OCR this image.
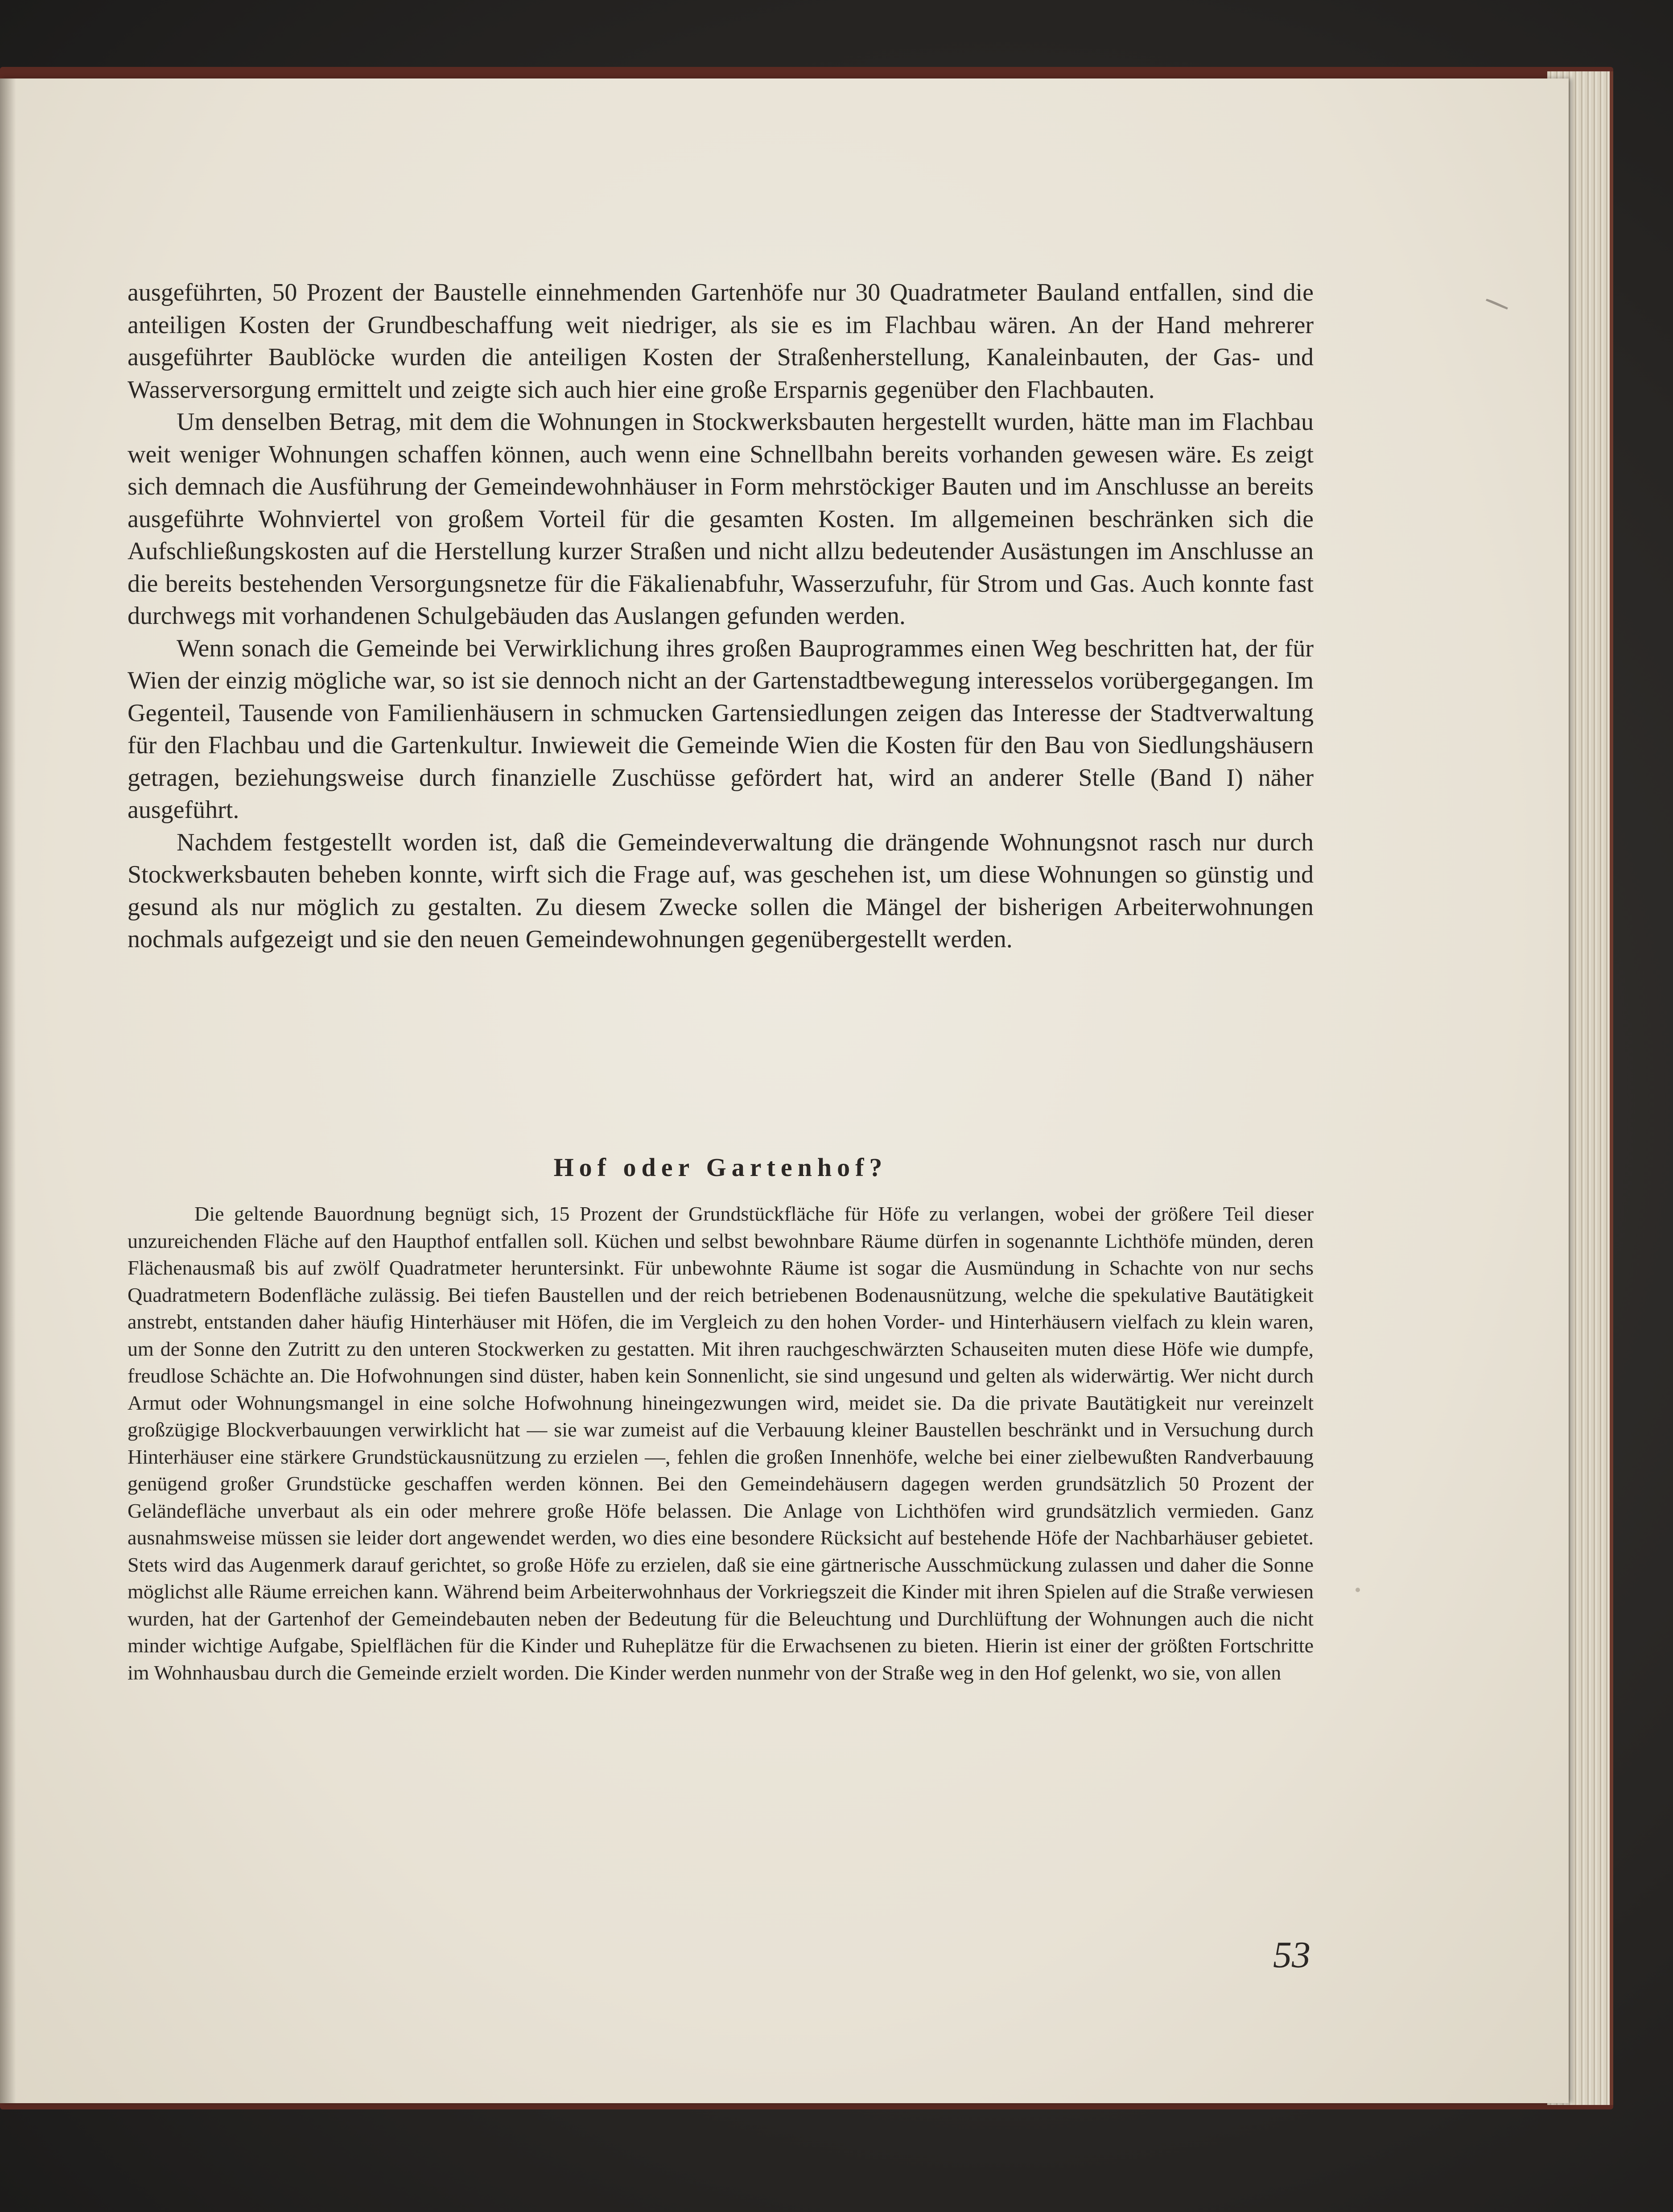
ausgeführten, 50 Prozent der Baustelle einnehmenden Gartenhöfe nur 30 Quadratmeter Bauland entfallen, sind die anteiligen Kosten der Grundbeschaffung weit niedriger, als sie es im Flachbau wären. An der Hand mehrerer ausgeführter Baublöcke wurden die anteiligen Kosten der Straßenherstellung, Kanaleinbauten, der Gas- und Wasserversorgung ermittelt und zeigte sich auch hier eine große Ersparnis gegenüber den Flachbauten.

Um denselben Betrag, mit dem die Wohnungen in Stockwerksbauten hergestellt wurden, hätte man im Flachbau weit weniger Wohnungen schaffen können, auch wenn eine Schnellbahn bereits vorhanden gewesen wäre. Es zeigt sich demnach die Ausführung der Gemeindewohnhäuser in Form mehrstöckiger Bauten und im Anschlusse an bereits ausgeführte Wohnviertel von großem Vorteil für die gesamten Kosten. Im allgemeinen beschränken sich die Aufschließungskosten auf die Herstellung kurzer Straßen und nicht allzu bedeutender Ausästungen im Anschlusse an die bereits bestehenden Versorgungsnetze für die Fäkalienabfuhr, Wasserzufuhr, für Strom und Gas. Auch konnte fast durchwegs mit vorhandenen Schulgebäuden das Auslangen gefunden werden.

Wenn sonach die Gemeinde bei Verwirklichung ihres großen Bauprogrammes einen Weg beschritten hat, der für Wien der einzig mögliche war, so ist sie dennoch nicht an der Gartenstadtbewegung interesselos vorübergegangen. Im Gegenteil, Tausende von Familienhäusern in schmucken Gartensiedlungen zeigen das Interesse der Stadtverwaltung für den Flachbau und die Gartenkultur. Inwieweit die Gemeinde Wien die Kosten für den Bau von Siedlungshäusern getragen, beziehungsweise durch finanzielle Zuschüsse gefördert hat, wird an anderer Stelle (Band I) näher ausgeführt.

Nachdem festgestellt worden ist, daß die Gemeindeverwaltung die drängende Wohnungsnot rasch nur durch Stockwerksbauten beheben konnte, wirft sich die Frage auf, was geschehen ist, um diese Wohnungen so günstig und gesund als nur möglich zu gestalten. Zu diesem Zwecke sollen die Mängel der bisherigen Arbeiterwohnungen nochmals aufgezeigt und sie den neuen Gemeindewohnungen gegenübergestellt werden.

Hof oder Gartenhof?

Die geltende Bauordnung begnügt sich, 15 Prozent der Grundstückfläche für Höfe zu verlangen, wobei der größere Teil dieser unzureichenden Fläche auf den Haupthof entfallen soll. Küchen und selbst bewohnbare Räume dürfen in sogenannte Lichthöfe münden, deren Flächenausmaß bis auf zwölf Quadratmeter heruntersinkt. Für unbewohnte Räume ist sogar die Ausmündung in Schachte von nur sechs Quadratmetern Bodenfläche zulässig. Bei tiefen Baustellen und der reich betriebenen Bodenausnützung, welche die spekulative Bautätigkeit anstrebt, entstanden daher häufig Hinterhäuser mit Höfen, die im Vergleich zu den hohen Vorder- und Hinterhäusern vielfach zu klein waren, um der Sonne den Zutritt zu den unteren Stockwerken zu gestatten. Mit ihren rauchgeschwärzten Schauseiten muten diese Höfe wie dumpfe, freudlose Schächte an. Die Hofwohnungen sind düster, haben kein Sonnenlicht, sie sind ungesund und gelten als widerwärtig. Wer nicht durch Armut oder Wohnungsmangel in eine solche Hofwohnung hineingezwungen wird, meidet sie. Da die private Bautätigkeit nur vereinzelt großzügige Blockverbauungen verwirklicht hat — sie war zumeist auf die Verbauung kleiner Baustellen beschränkt und in Versuchung durch Hinterhäuser eine stärkere Grundstückausnützung zu erzielen —, fehlen die großen Innenhöfe, welche bei einer zielbewußten Randverbauung genügend großer Grundstücke geschaffen werden können. Bei den Gemeindehäusern dagegen werden grundsätzlich 50 Prozent der Geländefläche unverbaut als ein oder mehrere große Höfe belassen. Die Anlage von Lichthöfen wird grundsätzlich vermieden. Ganz ausnahmsweise müssen sie leider dort angewendet werden, wo dies eine besondere Rücksicht auf bestehende Höfe der Nachbarhäuser gebietet. Stets wird das Augenmerk darauf gerichtet, so große Höfe zu erzielen, daß sie eine gärtnerische Ausschmückung zulassen und daher die Sonne möglichst alle Räume erreichen kann. Während beim Arbeiterwohnhaus der Vorkriegszeit die Kinder mit ihren Spielen auf die Straße verwiesen wurden, hat der Gartenhof der Gemeindebauten neben der Bedeutung für die Beleuchtung und Durchlüftung der Wohnungen auch die nicht minder wichtige Aufgabe, Spielflächen für die Kinder und Ruheplätze für die Erwachsenen zu bieten. Hierin ist einer der größten Fortschritte im Wohnhausbau durch die Gemeinde erzielt worden. Die Kinder werden nunmehr von der Straße weg in den Hof gelenkt, wo sie, von allen

53
